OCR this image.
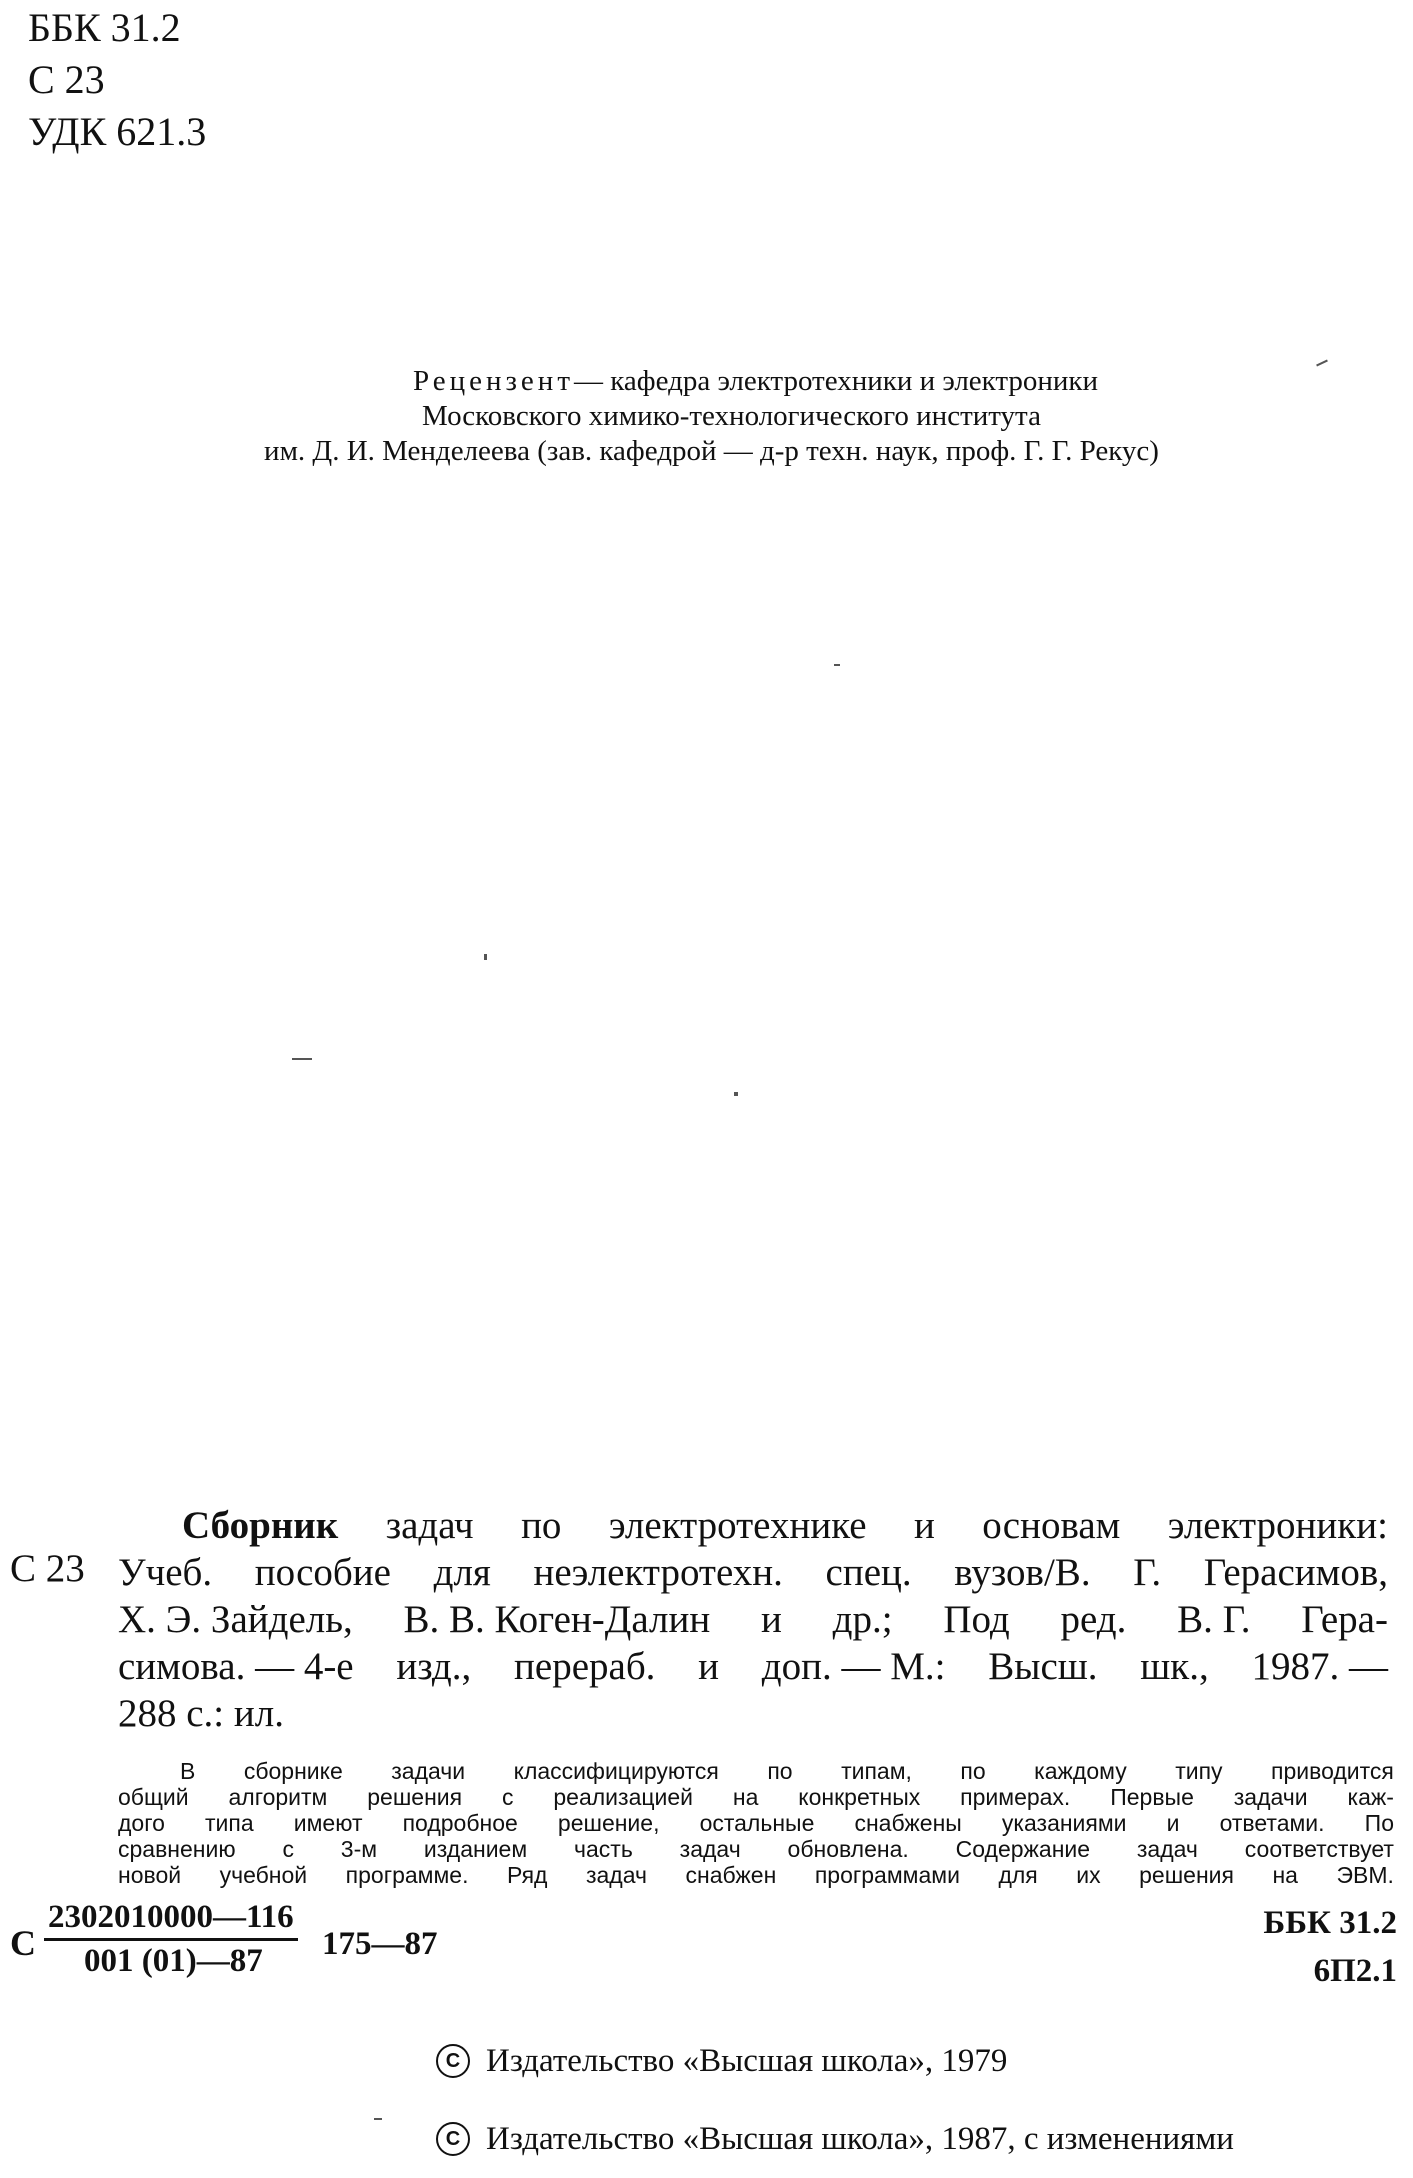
ББК 31.2
С 23
УДК 621.3
Рецензент— кафедра электротехники и электроники
Московского химико-технологического института
им. Д. И. Менделеева (зав. кафедрой — д-р техн. наук, проф. Г. Г. Рекус)
С 23
Сборник задач по электротехнике и основам электроники:
Учеб. пособие для неэлектротехн. спец. вузов/В. Г. Герасимов,
Х. Э. Зайдель, В. В. Коген-Далин и др.; Под ред. В. Г. Гера-
симова. — 4-е изд., перераб. и доп. — М.: Высш. шк., 1987. —
288 с.: ил.
В сборнике задачи классифицируются по типам, по каждому типу приводится
общий алгоритм решения с реализацией на конкретных примерах. Первые задачи каж-
дого типа имеют подробное решение, остальные снабжены указаниями и ответами. По
сравнению с 3-м изданием часть задач обновлена. Содержание задач соответствует
новой учебной программе. Ряд задач снабжен программами для их решения на ЭВМ.
С $\frac{2302010000—116}{001 (01)—87}$ 175—87
ББК 31.2
6П2.1
C Издательство «Высшая школа», 1979
C Издательство «Высшая школа», 1987, с изменениями
